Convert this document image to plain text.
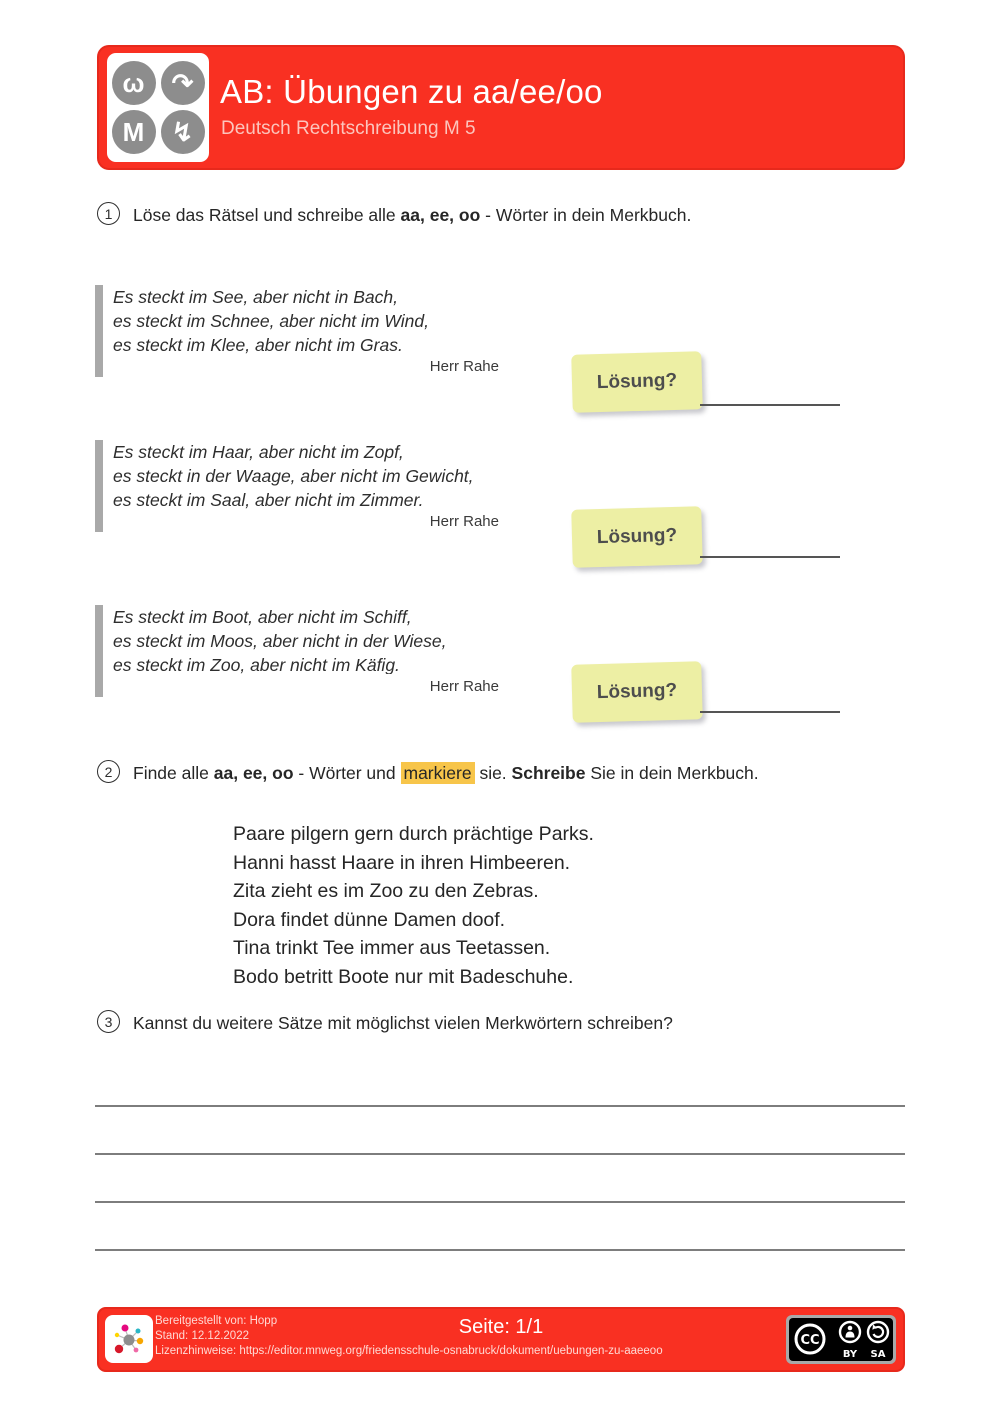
ω ↷
M ↯
AB: Übungen zu aa/ee/oo
Deutsch Rechtschreibung M 5
1 Löse das Rätsel und schreibe alle aa, ee, oo - Wörter in dein Merkbuch.
Es steckt im See, aber nicht in Bach,
es steckt im Schnee, aber nicht im Wind,
es steckt im Klee, aber nicht im Gras.
Herr Rahe
Lösung?
Es steckt im Haar, aber nicht im Zopf,
es steckt in der Waage, aber nicht im Gewicht,
es steckt im Saal, aber nicht im Zimmer.
Herr Rahe
Lösung?
Es steckt im Boot, aber nicht im Schiff,
es steckt im Moos, aber nicht in der Wiese,
es steckt im Zoo, aber nicht im Käfig.
Herr Rahe	Lösung?
2 Finde alle aa, ee, oo - Wörter und markiere sie. Schreibe Sie in dein Merkbuch.
Paare pilgern gern durch prächtige Parks.
Hanni hasst Haare in ihren Himbeeren.
Zita zieht es im Zoo zu den Zebras.
Dora findet dünne Damen doof.
Tina trinkt Tee immer aus Teetassen.
Bodo betritt Boote nur mit Badeschuhe.
3 Kannst du weitere Sätze mit möglichst vielen Merkwörtern schreiben?
Bereitgestellt von: Hopp
Stand: 12.12.2022
Lizenzhinweise: https://editor.mnweg.org/friedensschule-osnabruck/dokument/uebungen-zu-aaeeoo
Seite: 1/1
CC
BY SA
